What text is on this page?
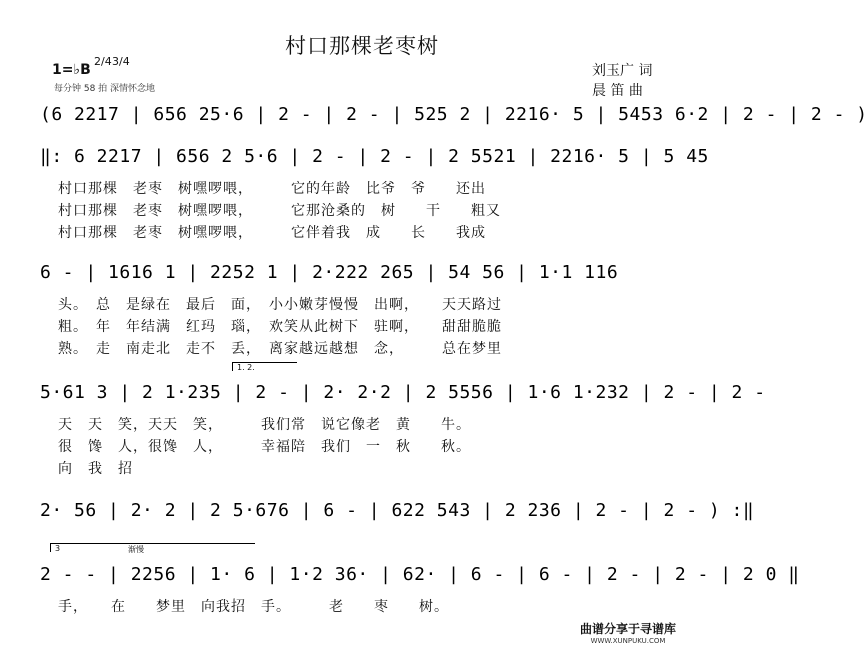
村口那棵老枣树
刘玉广 词
晨 笛 曲
1=♭B
2/4 3/4
每分钟 58 拍 深情怀念地
(6 2217 | 656 25·6 | 2 - | 2 - | 525 2 | 2216· 5 | 5453 6·2 | 2 - | 2 - )
‖: 6 2217 | 656 2 5·6 | 2 - | 2 - | 2 5521 | 2216· 5 | 5 45
村口那棵　老枣　树嘿啰喂，　　　它的年龄　比爷　爷　　还出
村口那棵　老枣　树嘿啰喂，　　　它那沧桑的　树　　干　　粗又
村口那棵　老枣　树嘿啰喂，　　　它伴着我　成　　长　　我成
6 - | 1616 1 | 2252 1 | 2·222 265 | 54 56 | 1·1 116
头。　总　是绿在　最后　面，　小小嫩芽慢慢　出啊，　　天天路过
粗。　年　年结满　红玛　瑙，　欢笑从此树下　驻啊，　　甜甜脆脆
熟。　走　南走北　走不　丢，　离家越远越想　念，　　　总在梦里
1. 2.
5·61 3 | 2 1·235 | 2 - | 2· 2·2 | 2 5556 | 1·6 1·232 | 2 - | 2 -
天　天　笑，天天　笑，　　　我们常　说它像老　黄　　牛。
很　馋　人，很馋　人，　　　幸福陪　我们　一　秋　　秋。
向　我　招
2· 56 | 2· 2 | 2 5·676 | 6 - | 622 543 | 2 236 | 2 - | 2 - ) :‖
3	渐慢
2 - - | 2256 | 1· 6 | 1·2 36· | 62· | 6 - | 6 - | 2 - | 2 - | 2 0 ‖
手，　　在　　梦里　向我招　手。　　　老　　枣　　树。
曲谱分享于寻谱库
WWW.XUNPUKU.COM
